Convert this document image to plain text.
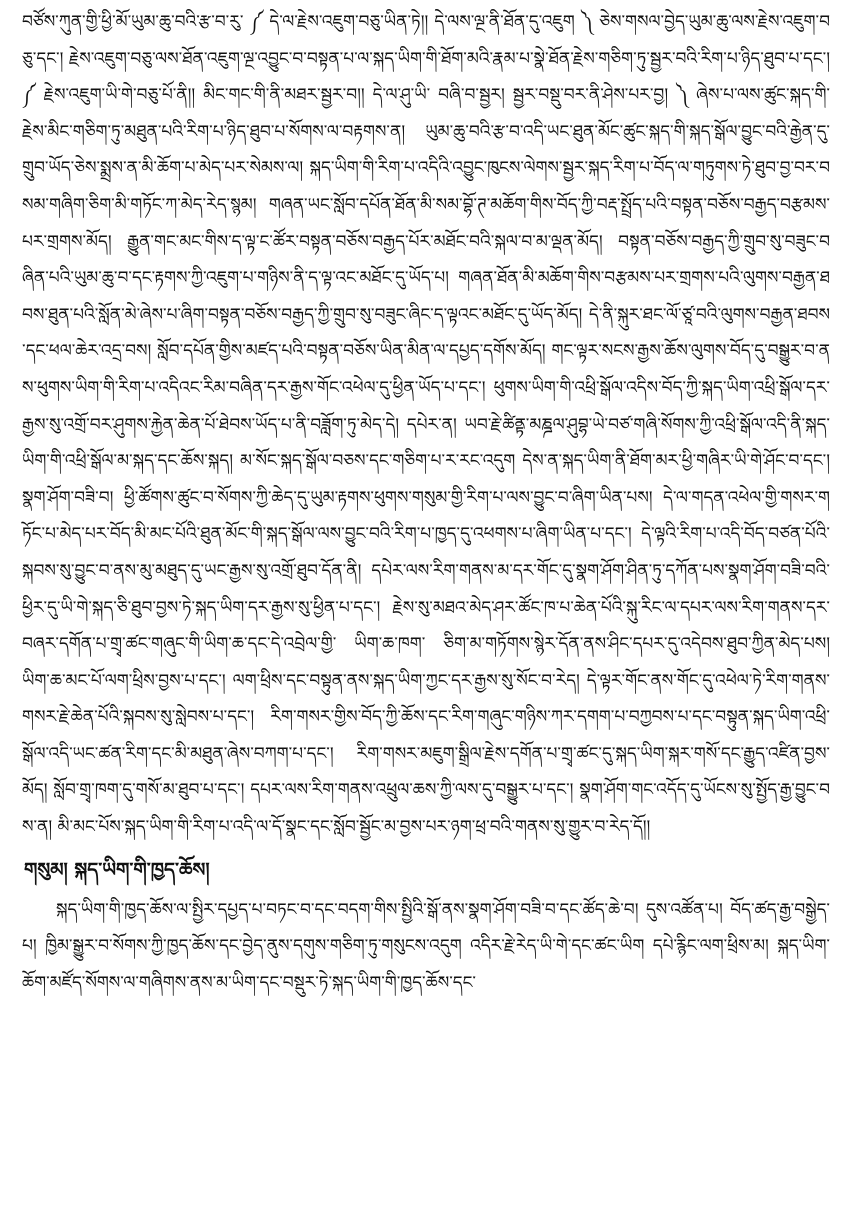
བཙོས་ཀུན་གྱི་ཕྱི་མོ་ཡུམ་ཆུ་བའི་རྩ་བ་རུ་ ༼ དེ་ལ་རྗེས་འཇུག་བཅུ་ཡིན་ཏེ།། དེ་ལས་ལྔ་ནི་ཐོན་དུ་འཇུག ༽ ཅེས་གསལ་བྱེད་ཡུམ་ཆུ་ལས་རྗེས་འཇུག་བཅུ་དང་། རྗེས་འཇུག་བཅུ་ལས་ཐོན་འཇུག་ལྔ་འབྱུང་བ་བསྟན་པ་ལ་སྐད་ཡིག་གི་ཐོག་མའི་རྣམ་པ་སྣེ་ཐོན་རྗེས་གཅིག་ཏུ་སྦྱར་བའི་རིག་པ་ཉིད་ཐུབ་པ་དང་། ༼ རྗེས་འཇུག་ཡི་གེ་བཅུ་པོ་ནི།། མིང་གང་གི་ནི་མཐར་སྦྱར་བ།། དེ་ལ་ཤུ་ཡི་ བཞི་བ་སྦྱར། སྦྱར་བསྡུ་བར་ནི་ཤེས་པར་བྱ། ༽ ཞེས་པ་ལས་ཚུང་སྐད་གི་རྗེས་མིང་གཅིག་ཏུ་མཐུན་པའི་རིག་པ་ཉིད་ཐུབ་པ་སོགས་ལ་བརྟགས་ན། ཡུམ་ཆུ་བའི་རྩ་བ་འདི་ཡང་ཐུན་མོང་ཚུང་སྐད་གི་སྐད་སྒོལ་བྱུང་བའི་རྒྱེན་དུ་གྲུབ་ཡོད་ཅེས་སྨྲས་ན་མི་ཆོག་པ་མེད་པར་སེམས་ལ། སྐད་ཡིག་གི་རིག་པ་འདིའི་འབྱུང་ཁུངས་ལེགས་སྦྱར་སྐད་རིག་པ་བོད་ལ་གཏུགས་ཏེ་ཐུབ་བྱ་བར་བསམ་གཞིག་ཅིག་མི་གཏོང་ཀ་མེད་རེད་སྙམ། གཞན་ཡང་སློབ་དཔོན་ཐོན་མི་སམ་བྷོ་ཊ་མཆོག་གིས་བོད་ཀྱི་བརྡ་སྤྲོད་པའི་བསྟན་བཅོས་བརྒྱད་བརྩམས་པར་གྲགས་མོད། རྒྱུན་གང་མང་གིས་ད་ལྟ་ང་ཚོར་བསྟན་བཅོས་བརྒྱད་པོར་མཐོང་བའི་སྐལ་བ་མ་ལྡན་མོད། བསྟན་བཅོས་བརྒྱད་ཀྱི་གྲུབ་སུ་བཟུང་བཞིན་པའི་ཡུམ་ཆུ་བ་དང་རྟགས་ཀྱི་འཇུག་པ་གཉིས་ནི་ད་ལྟ་འང་མཐོང་དུ་ཡོད་པ། གཞན་ཐོན་མི་མཆོག་གིས་བརྩམས་པར་གྲགས་པའི་ལུགས་བརྒྱན་ཐབས་ཐུན་པའི་སློན་མེ་ཞེས་པ་ཞིག་བསྟན་བཅོས་བརྒྱད་ཀྱི་གྲུབ་སུ་བཟུང་ཞིང་ད་ལྟའང་མཐོང་དུ་ཡོད་མོད། དེ་ནི་སྐུར་ཐང་ལོ་ཙཱ་བའི་ལུགས་བརྒྱན་ཐབས་དང་ཕལ་ཆེར་འདྲ་བས། སློབ་དཔོན་གྱིས་མཛད་པའི་བསྟན་བཅོས་ཡིན་མིན་ལ་དཔྱད་དགོས་མོད། གང་ལྟར་སངས་རྒྱས་ཆོས་ལུགས་བོད་དུ་བསྒྱུར་བ་ནས་ཕུགས་ཡིག་གི་རིག་པ་འདིའང་རིམ་བཞིན་དར་རྒྱས་གོང་འཕེལ་དུ་ཕྱིན་ཡོད་པ་དང་། ཕུགས་ཡིག་གི་འཕྲི་སྒོལ་འདིས་བོད་ཀྱི་སྐད་ཡིག་འཕྲི་སྒོལ་དར་རྒྱས་སུ་འགྲོ་བར་ཤུགས་རྐྱེན་ཆེན་པོ་ཐེབས་ཡོད་པ་ནི་བཟློག་ཏུ་མེད་དེ། དཔེར་ན། ཡབ་རྗེ་ཚིནྟ་མཎྜལ་ཤུབྷ་ཡེ་བཙ་གཞི་སོགས་ཀྱི་འཕྲི་སྒོལ་འདི་ནི་སྐད་ཡིག་གི་འཕྲི་སྒོལ་མ་སྐད་དང་ཆོས་སྐད། མ་སོང་སྐད་སྒོལ་བཅས་དང་གཅིག་པ་ར་རང་འདུག དེས་ན་སྐད་ཡིག་ནི་ཐོག་མར་ཕྱི་གཞིར་ཡི་གེ་ཤོང་བ་དང་། སྣག་ཤོག་བཟི་བ། ཕྱི་ཚོགས་ཚུང་བ་སོགས་ཀྱི་ཆེད་དུ་ཡུམ་རྟགས་ཕུགས་གསུམ་གྱི་རིག་པ་ལས་བྱུང་བ་ཞིག་ཡིན་པས། དེ་ལ་གདན་འཕེལ་གྱི་གསར་གཏོང་པ་མེད་པར་བོད་མི་མང་པོའི་ཐུན་མོང་གི་སྐད་སྒོལ་ལས་བྱུང་བའི་རིག་པ་ཁྱད་དུ་འཕགས་པ་ཞིག་ཡིན་པ་དང་། དེ་ལྟའི་རིག་པ་འདི་བོད་བཙན་པོའི་སྐབས་སུ་བྱུང་བ་ནས་མུ་མཐུད་དུ་ཡང་རྒྱས་སུ་འགྲོ་ཐུབ་དོན་ནི། དཔེར་ལས་རིག་གནས་མ་དར་གོང་དུ་སྣག་ཤོག་ཤིན་ཏུ་དཀོན་པས་སྣག་ཤོག་བཟི་བའི་ཕྱིར་དུ་ཡི་གེ་སྐད་ཅི་ཐུབ་བྱས་ཏེ་སྐད་ཡིག་དར་རྒྱས་སུ་ཕྱིན་པ་དང་། རྗེས་སུ་མཐའ་མེད་ཤར་ཚོང་ཁ་པ་ཆེན་པོའི་སྐུ་རིང་ལ་དཔར་ལས་རིག་གནས་དར་བཞར་དགོན་པ་གྲྭ་ཚང་གཞུང་གི་ཡིག་ཆ་དང་དེ་འབྲེལ་གྱི་ ཡིག་ཆ་ཁག་ ཅིག་མ་གཏོགས་སྙེར་དོན་ནས་ཤིང་དཔར་དུ་འདེབས་ཐུབ་ཀྱིན་མེད་པས། ཡིག་ཆ་མང་པོ་ལག་ཕྲིས་བྱས་པ་དང་། ལག་ཕྲིས་དང་བསྟུན་ནས་སྐད་ཡིག་ཀྱང་དར་རྒྱས་སུ་སོང་བ་རེད། དེ་ལྟར་གོང་ནས་གོང་དུ་འཕེལ་ཏེ་རིག་གནས་གསར་རྗེ་ཆེན་པོའི་སྐབས་སུ་སླེབས་པ་དང་། རིག་གསར་གྱིས་བོད་ཀྱི་ཆོས་དང་རིག་གཞུང་གཉིས་ཀར་དགག་པ་བཀྱབས་པ་དང་བསྟུན་སྐད་ཡིག་འཕྲི་སྒོལ་འདི་ཡང་ཚན་རིག་དང་མི་མཐུན་ཞེས་བཀག་པ་དང་། རིག་གསར་མཇུག་སྒྲིལ་རྗེས་དགོན་པ་གྲྭ་ཚང་དུ་སྐད་ཡིག་སྐར་གསོ་དང་རྒྱུད་འཛིན་བྱས་མོད། སློབ་གྲྭ་ཁག་དུ་གསོ་མ་ཐུབ་པ་དང་། དཔར་ལས་རིག་གནས་འཕྲུལ་ཆས་ཀྱི་ལས་དུ་བསྒྱུར་པ་དང་། སྣག་ཤོག་གང་འདོད་དུ་ཡོངས་སུ་སྤྱོད་རྒྱ་བྱུང་བས་ན། མི་མང་པོས་སྐད་ཡིག་གི་རིག་པ་འདི་ལ་དོ་སྣང་དང་སློབ་སྦྱོང་མ་བྱས་པར་ཉག་ཕྲ་བའི་གནས་སུ་གྱུར་བ་རེད་དོ།།

གསུམ། སྐད་ཡིག་གི་ཁྱད་ཆོས།

སྐད་ཡིག་གི་ཁྱད་ཆོས་ལ་སྤྱིར་དཔྱད་པ་བཏང་བ་དང་བདག་གིས་སྤྱིའི་སྒོ་ནས་སྣག་ཤོག་བཟི་བ་དང་ཚོད་ཆེ་བ། དུས་འཚོན་པ། བོད་ཚད་རྒྱ་བསྒྱེད་པ། ཁྱིམ་སྒྱུར་བ་སོགས་ཀྱི་ཁྱད་ཆོས་དང་བྱེད་ནུས་དགུས་གཅིག་ཏུ་གསུངས་འདུག འདིར་རྗེ་རེད་ཡི་གེ་དང་ཚང་ཡིག དཔེ་རྙིང་ལག་ཕྲིས་མ། སྐད་ཡིག་ཆོག་མཛོད་སོགས་ལ་གཞིགས་ནས་མ་ཡིག་དང་བསྡུར་ཏེ་སྐད་ཡིག་གི་ཁྱད་ཆོས་དང་
